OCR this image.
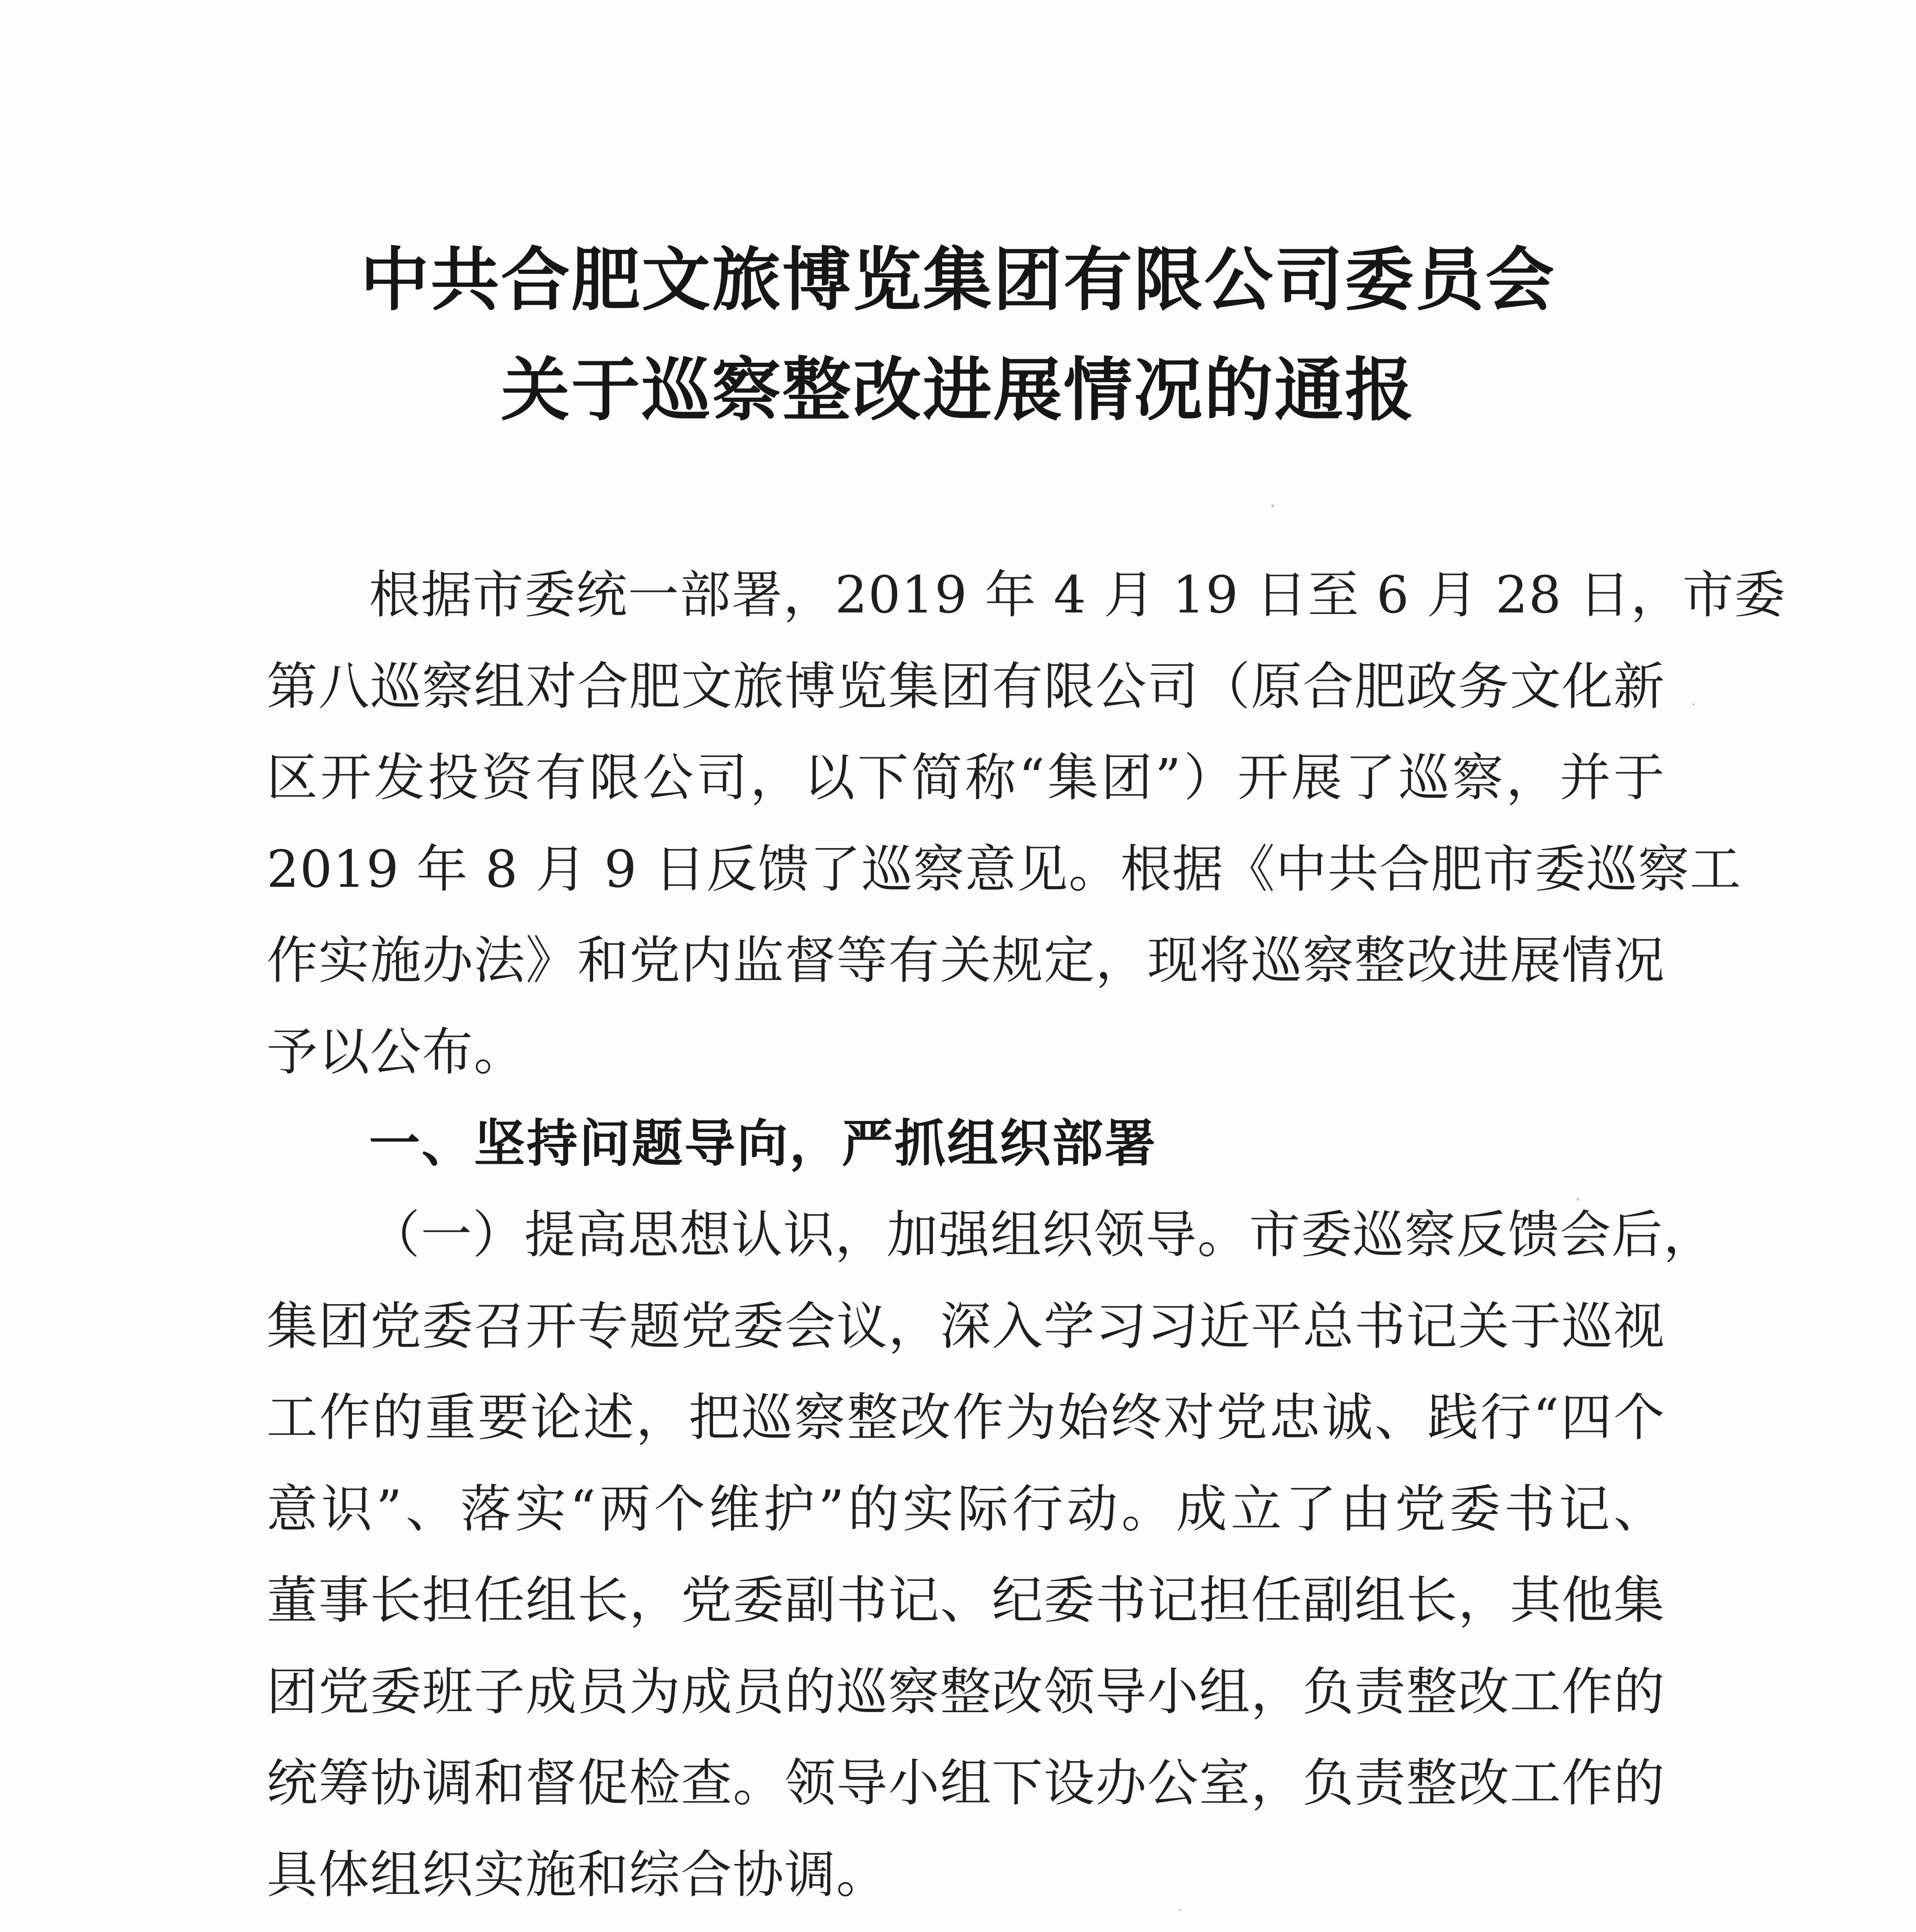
中共合肥文旅博览集团有限公司委员会
关于巡察整改进展情况的通报
根据市委统一部署，2019 年 4 月 19 日至 6 月 28 日，市委
第八巡察组对合肥文旅博览集团有限公司（原合肥政务文化新
区开发投资有限公司，以下简称“集团”）开展了巡察，并于
2019 年 8 月 9 日反馈了巡察意见。根据《中共合肥市委巡察工
作实施办法》和党内监督等有关规定，现将巡察整改进展情况
予以公布。
一、坚持问题导向，严抓组织部署
（一）提高思想认识，加强组织领导。市委巡察反馈会后，
集团党委召开专题党委会议，深入学习习近平总书记关于巡视
工作的重要论述，把巡察整改作为始终对党忠诚、践行“四个
意识”、落实“两个维护”的实际行动。成立了由党委书记、
董事长担任组长，党委副书记、纪委书记担任副组长，其他集
团党委班子成员为成员的巡察整改领导小组，负责整改工作的
统筹协调和督促检查。领导小组下设办公室，负责整改工作的
具体组织实施和综合协调。
